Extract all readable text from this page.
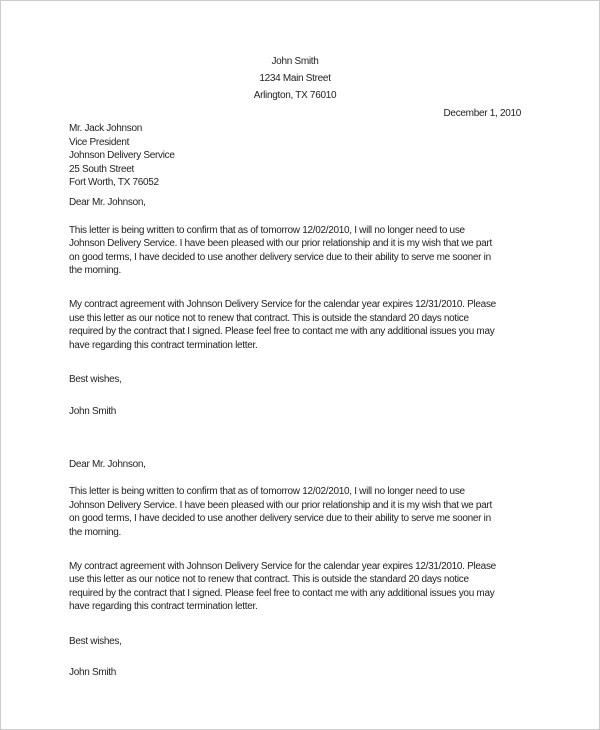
John Smith
1234 Main Street
Arlington, TX 76010
December 1, 2010
Mr. Jack Johnson
Vice President
Johnson Delivery Service
25 South Street
Fort Worth, TX 76052
Dear Mr. Johnson,
This letter is being written to confirm that as of tomorrow 12/02/2010, I will no longer need to use
Johnson Delivery Service. I have been pleased with our prior relationship and it is my wish that we part
on good terms, I have decided to use another delivery service due to their ability to serve me sooner in
the morning.
My contract agreement with Johnson Delivery Service for the calendar year expires 12/31/2010. Please
use this letter as our notice not to renew that contract. This is outside the standard 20 days notice
required by the contract that I signed. Please feel free to contact me with any additional issues you may
have regarding this contract termination letter.
Best wishes,
John Smith
Dear Mr. Johnson,
This letter is being written to confirm that as of tomorrow 12/02/2010, I will no longer need to use
Johnson Delivery Service. I have been pleased with our prior relationship and it is my wish that we part
on good terms, I have decided to use another delivery service due to their ability to serve me sooner in
the morning.
My contract agreement with Johnson Delivery Service for the calendar year expires 12/31/2010. Please
use this letter as our notice not to renew that contract. This is outside the standard 20 days notice
required by the contract that I signed. Please feel free to contact me with any additional issues you may
have regarding this contract termination letter.
Best wishes,
John Smith
